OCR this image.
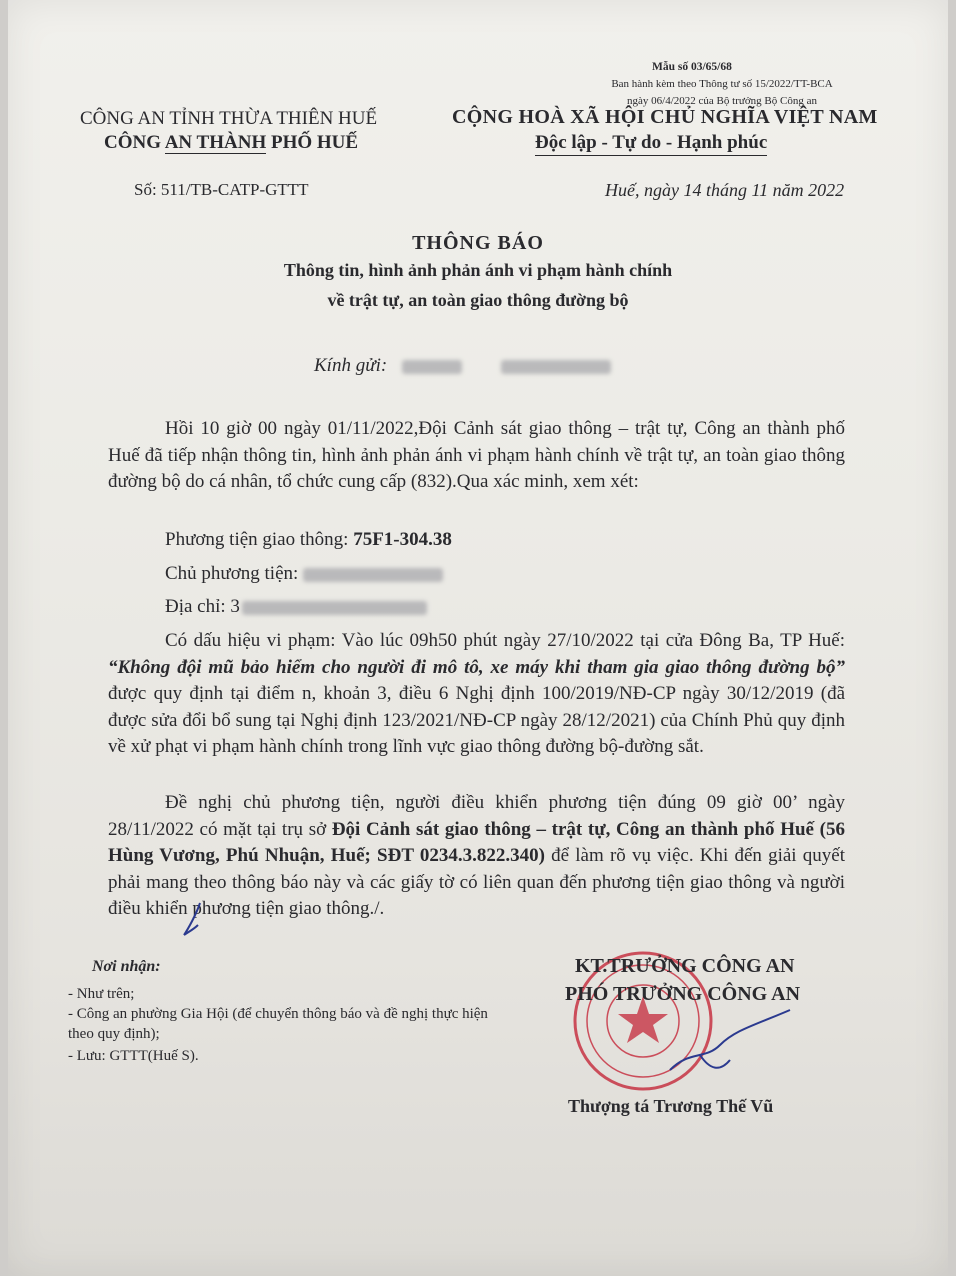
Mẫu số 03/65/68
Ban hành kèm theo Thông tư số 15/2022/TT-BCA
ngày 06/4/2022 của Bộ trưởng Bộ Công an
CÔNG AN TỈNH THỪA THIÊN HUẾ
CÔNG AN THÀNH PHỐ HUẾ
CỘNG HOÀ XÃ HỘI CHỦ NGHĨA VIỆT NAM
Độc lập - Tự do - Hạnh phúc
Số: 511/TB-CATP-GTTT	Huế, ngày 14 tháng 11 năm 2022
THÔNG BÁO
Thông tin, hình ảnh phản ánh vi phạm hành chính
về trật tự, an toàn giao thông đường bộ
Kính gửi:
Hồi 10 giờ 00 ngày 01/11/2022,Đội Cảnh sát giao thông – trật tự, Công an thành phố Huế đã tiếp nhận thông tin, hình ảnh phản ánh vi phạm hành chính về trật tự, an toàn giao thông đường bộ do cá nhân, tổ chức cung cấp (832).Qua xác minh, xem xét:
Phương tiện giao thông: 75F1-304.38
Chủ phương tiện:
Địa chỉ: 3
Có dấu hiệu vi phạm: Vào lúc 09h50 phút ngày 27/10/2022 tại cửa Đông Ba, TP Huế: “Không đội mũ bảo hiểm cho người đi mô tô, xe máy khi tham gia giao thông đường bộ” được quy định tại điểm n, khoản 3, điều 6 Nghị định 100/2019/NĐ-CP ngày 30/12/2019 (đã được sửa đổi bổ sung tại Nghị định 123/2021/NĐ-CP ngày 28/12/2021) của Chính Phủ quy định về xử phạt vi phạm hành chính trong lĩnh vực giao thông đường bộ-đường sắt.
Đề nghị chủ phương tiện, người điều khiển phương tiện đúng 09 giờ 00’ ngày 28/11/2022 có mặt tại trụ sở Đội Cảnh sát giao thông – trật tự, Công an thành phố Huế (56 Hùng Vương, Phú Nhuận, Huế; SĐT 0234.3.822.340) để làm rõ vụ việc. Khi đến giải quyết phải mang theo thông báo này và các giấy tờ có liên quan đến phương tiện giao thông và người điều khiển phương tiện giao thông./.
Nơi nhận:
- Như trên;
- Công an phường Gia Hội (để chuyển thông báo và đề nghị thực hiện theo quy định);
- Lưu: GTTT(Huế S).
KT.TRƯỞNG CÔNG AN
PHÓ TRƯỞNG CÔNG AN
Thượng tá Trương Thế Vũ
